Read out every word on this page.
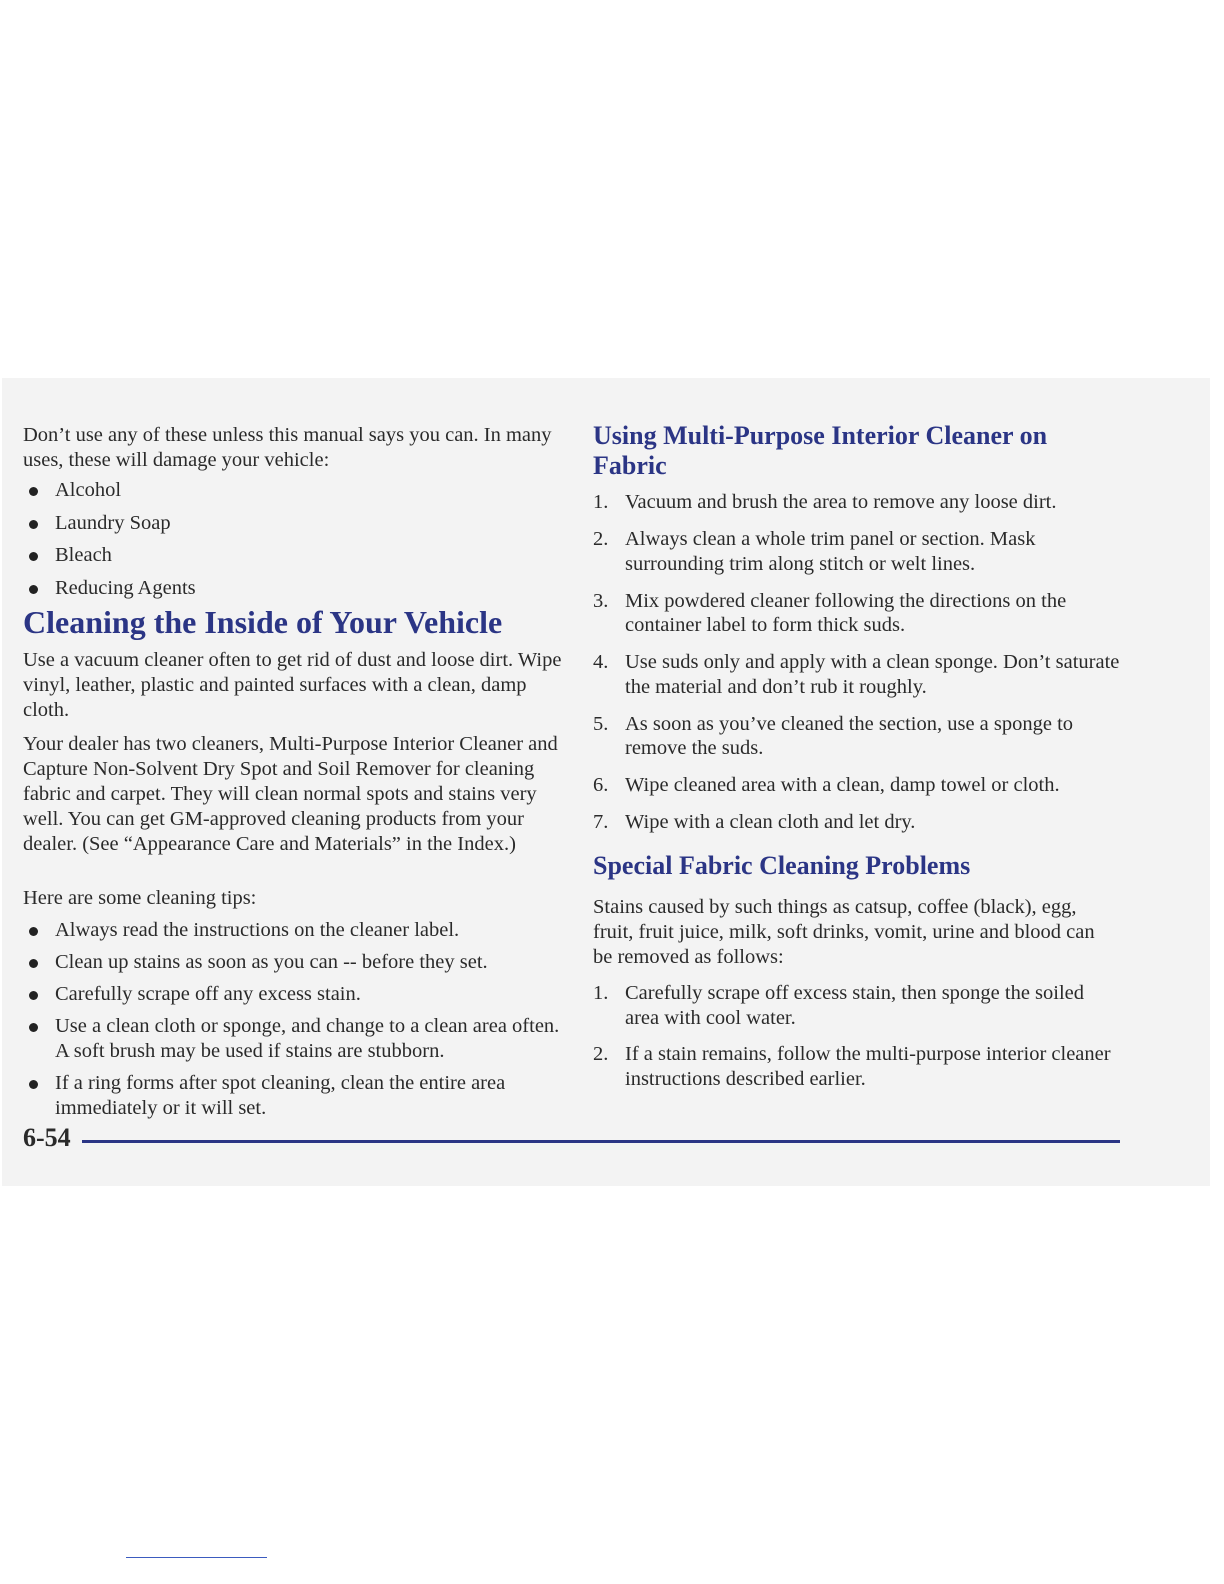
Don’t use any of these unless this manual says you can. In many uses, these will damage your vehicle:

Alcohol
Laundry Soap
Bleach
Reducing Agents
Cleaning the Inside of Your Vehicle

Use a vacuum cleaner often to get rid of dust and loose dirt. Wipe vinyl, leather, plastic and painted surfaces with a clean, damp cloth.

Your dealer has two cleaners, Multi-Purpose Interior Cleaner and Capture Non-Solvent Dry Spot and Soil Remover for cleaning fabric and carpet. They will clean normal spots and stains very well. You can get GM-approved cleaning products from your dealer. (See “Appearance Care and Materials” in the Index.)

Here are some cleaning tips:

Always read the instructions on the cleaner label.
Clean up stains as soon as you can -- before they set.
Carefully scrape off any excess stain.
Use a clean cloth or sponge, and change to a clean area often. A soft brush may be used if stains are stubborn.
If a ring forms after spot cleaning, clean the entire area immediately or it will set.
Using Multi-Purpose Interior Cleaner on Fabric
1. Vacuum and brush the area to remove any loose dirt.
2. Always clean a whole trim panel or section. Mask surrounding trim along stitch or welt lines.
3. Mix powdered cleaner following the directions on the container label to form thick suds.
4. Use suds only and apply with a clean sponge. Don’t saturate the material and don’t rub it roughly.
5. As soon as you’ve cleaned the section, use a sponge to remove the suds.
6. Wipe cleaned area with a clean, damp towel or cloth.
7. Wipe with a clean cloth and let dry.
Special Fabric Cleaning Problems

Stains caused by such things as catsup, coffee (black), egg, fruit, fruit juice, milk, soft drinks, vomit, urine and blood can be removed as follows:

1. Carefully scrape off excess stain, then sponge the soiled area with cool water.
2. If a stain remains, follow the multi-purpose interior cleaner instructions described earlier.

6-54
